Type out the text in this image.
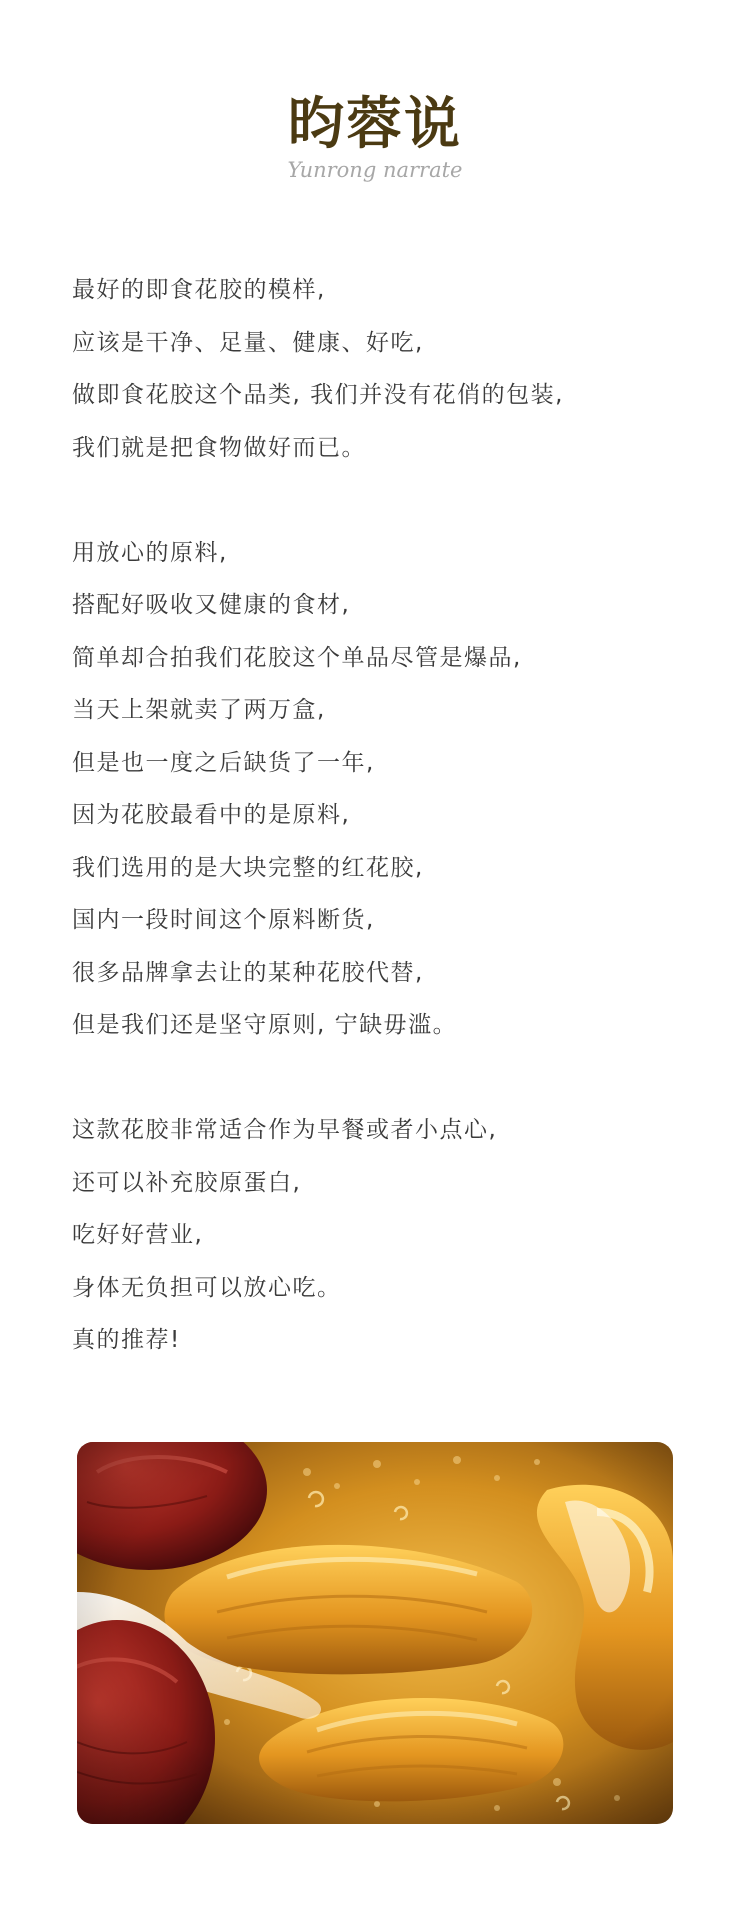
昀蓉说
Yunrong narrate

最好的即食花胶的模样,
应该是干净、足量、健康、好吃,
做即食花胶这个品类, 我们并没有花俏的包装,
我们就是把食物做好而已。

用放心的原料,
搭配好吸收又健康的食材,
简单却合拍我们花胶这个单品尽管是爆品,
当天上架就卖了两万盒,
但是也一度之后缺货了一年,
因为花胶最看中的是原料,
我们选用的是大块完整的红花胶,
国内一段时间这个原料断货,
很多品牌拿去让的某种花胶代替,
但是我们还是坚守原则, 宁缺毋滥。

这款花胶非常适合作为早餐或者小点心,
还可以补充胶原蛋白,
吃好好营业,
身体无负担可以放心吃。
真的推荐!
